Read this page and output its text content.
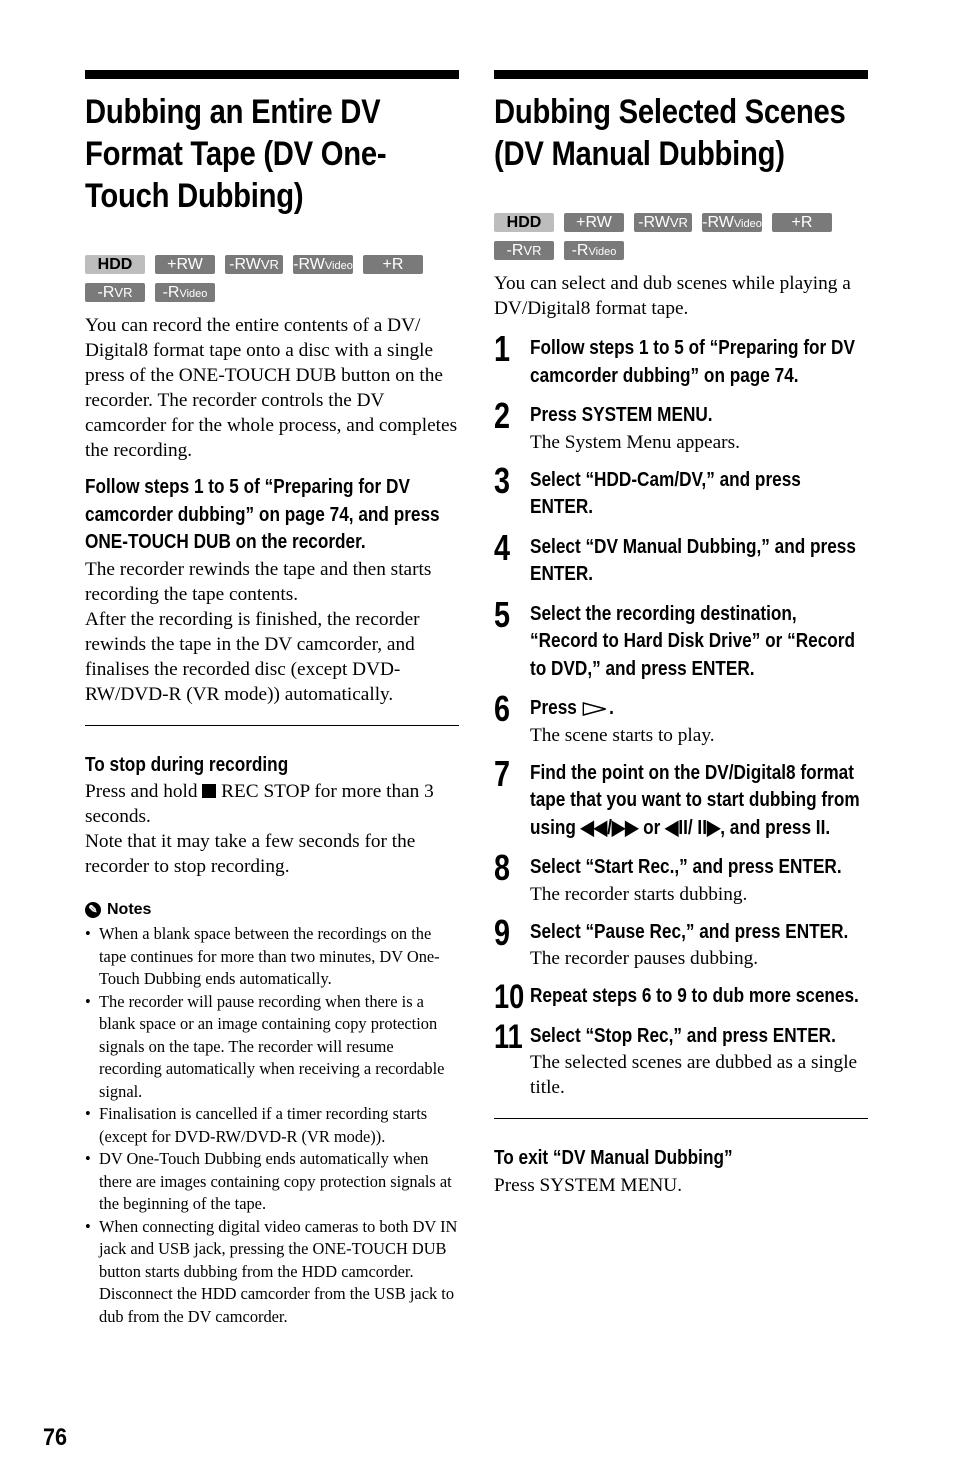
Dubbing an Entire DV Format Tape (DV One-Touch Dubbing)
HDD	+RW	-RWVR -RWVideo	+R
-RVR	-RVideo

You can record the entire contents of a DV/ Digital8 format tape onto a disc with a single press of the ONE-TOUCH DUB button on the recorder. The recorder controls the DV camcorder for the whole process, and completes the recording.

Follow steps 1 to 5 of “Preparing for DV camcorder dubbing” on page 74, and press ONE-TOUCH DUB on the recorder.

The recorder rewinds the tape and then starts recording the tape contents.

After the recording is finished, the recorder rewinds the tape in the DV camcorder, and finalises the recorded disc (except DVD-RW/DVD-R (VR mode)) automatically.

To stop during recording

Press and hold REC STOP for more than 3 seconds.

Note that it may take a few seconds for the recorder to stop recording.

✎ Notes
• When a blank space between the recordings on the tape continues for more than two minutes, DV One-Touch Dubbing ends automatically.
• The recorder will pause recording when there is a blank space or an image containing copy protection signals on the tape. The recorder will resume recording automatically when receiving a recordable signal.
• Finalisation is cancelled if a timer recording starts (except for DVD-RW/DVD-R (VR mode)).
• DV One-Touch Dubbing ends automatically when there are images containing copy protection signals at the beginning of the tape.
• When connecting digital video cameras to both DV IN jack and USB jack, pressing the ONE-TOUCH DUB button starts dubbing from the HDD camcorder. Disconnect the HDD camcorder from the USB jack to dub from the DV camcorder.
Dubbing Selected Scenes (DV Manual Dubbing)
HDD	+RW	-RWVR -RWVideo	+R
-RVR	-RVideo

You can select and dub scenes while playing a DV/Digital8 format tape.

1 Follow steps 1 to 5 of “Preparing for DV camcorder dubbing” on page 74.
2 Press SYSTEM MENU.

The System Menu appears.

3 Select “HDD-Cam/DV,” and press ENTER.
4 Select “DV Manual Dubbing,” and press ENTER.
5 Select the recording destination, “Record to Hard Disk Drive” or “Record to DVD,” and press ENTER.
6 Press .

The scene starts to play.

7 Find the point on the DV/Digital8 format tape that you want to start dubbing from using ◀◀/▶▶ or ◀II/ II▶, and press II.
8 Select “Start Rec.,” and press ENTER.

The recorder starts dubbing.

9 Select “Pause Rec,” and press ENTER.

The recorder pauses dubbing.

10 Repeat steps 6 to 9 to dub more scenes.
11 Select “Stop Rec,” and press ENTER.

The selected scenes are dubbed as a single title.

To exit “DV Manual Dubbing”

Press SYSTEM MENU.

76
